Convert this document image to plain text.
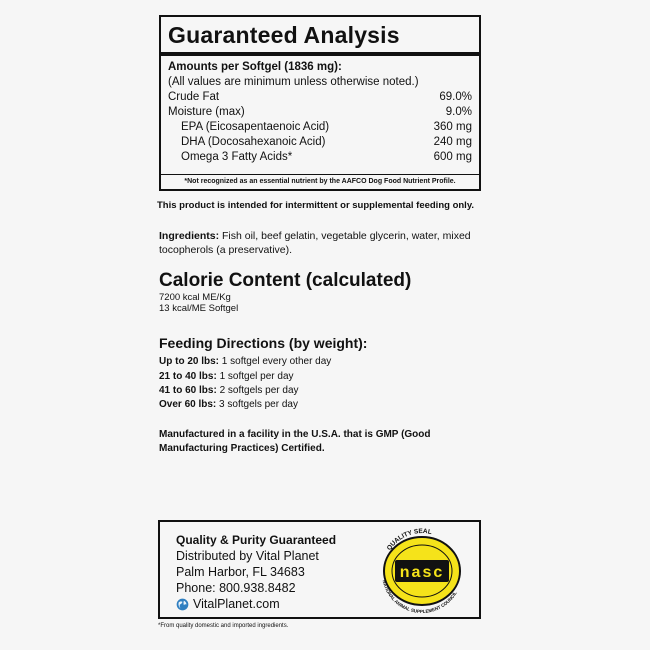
Guaranteed Analysis
Amounts per Softgel (1836 mg):
(All values are minimum unless otherwise noted.)
Crude Fat	69.0%
Moisture (max)	9.0%
EPA (Eicosapentaenoic Acid)	360 mg
DHA (Docosahexanoic Acid)	240 mg
Omega 3 Fatty Acids*	600 mg
*Not recognized as an essential nutrient by the AAFCO Dog Food Nutrient Profile.
This product is intended for intermittent or supplemental feeding only.
Ingredients: Fish oil, beef gelatin, vegetable glycerin, water, mixed tocopherols (a preservative).
Calorie Content (calculated)
7200 kcal ME/Kg
13 kcal/ME Softgel
Feeding Directions (by weight):
Up to 20 lbs: 1 softgel every other day
21 to 40 lbs: 1 softgel per day
41 to 60 lbs: 2 softgels per day
Over 60 lbs: 3 softgels per day
Manufactured in a facility in the U.S.A. that is GMP (Good Manufacturing Practices) Certified.
Quality & Purity Guaranteed
Distributed by Vital Planet
Palm Harbor, FL 34683
Phone: 800.938.8482
VitalPlanet.com
QUALITY SEAL
NATIONAL ANIMAL SUPPLEMENT COUNCIL
nasc
*From quality domestic and imported ingredients.
